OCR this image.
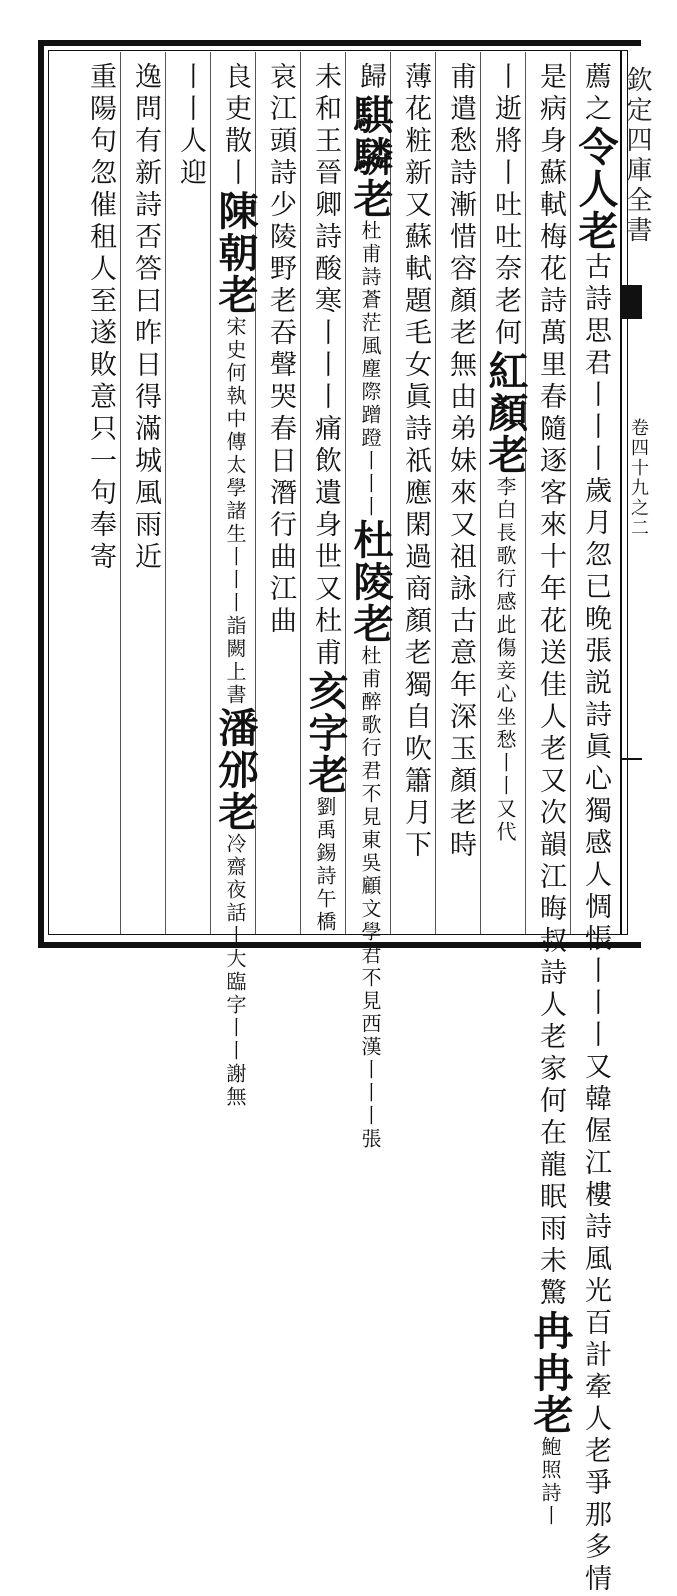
欽定四庫全書
卷四十九之二
薦之令人老古詩思君丨丨丨歲月忽已晚張説詩眞心獨感人惆悵丨丨丨又韓偓江樓詩風光百計牽人老爭那多情
是病身蘇軾梅花詩萬里春隨逐客來十年花送佳人老又次韻江晦叔詩人老家何在龍眠雨未驚冉冉老鮑照詩丨
丨逝將丨吐吐奈老何紅顏老李白長歌行感此傷妾心坐愁丨丨又代
甫遣愁詩漸惜容顏老無由弟妹來又祖詠古意年深玉顏老時
薄花粧新又蘇軾題毛女眞詩祇應閑過商顏老獨自吹簫月下
歸騏驎老杜甫詩蒼茫風塵際蹭蹬丨丨丨杜陵老杜甫醉歌行君不見東吳顧文學君不見西漢丨丨丨張
未和王晉卿詩酸寒丨丨丨痛飲遺身世又杜甫亥字老劉禹錫詩午橋
哀江頭詩少陵野老吞聲哭春日潛行曲江曲
良吏散丨陳朝老宋史何執中傳太學諸生丨丨丨詣闕上書潘邠老冷齋夜話丨大臨字丨丨謝無
丨丨人迎
逸問有新詩否答曰昨日得滿城風雨近
重陽句忽催租人至遂敗意只一句奉寄
